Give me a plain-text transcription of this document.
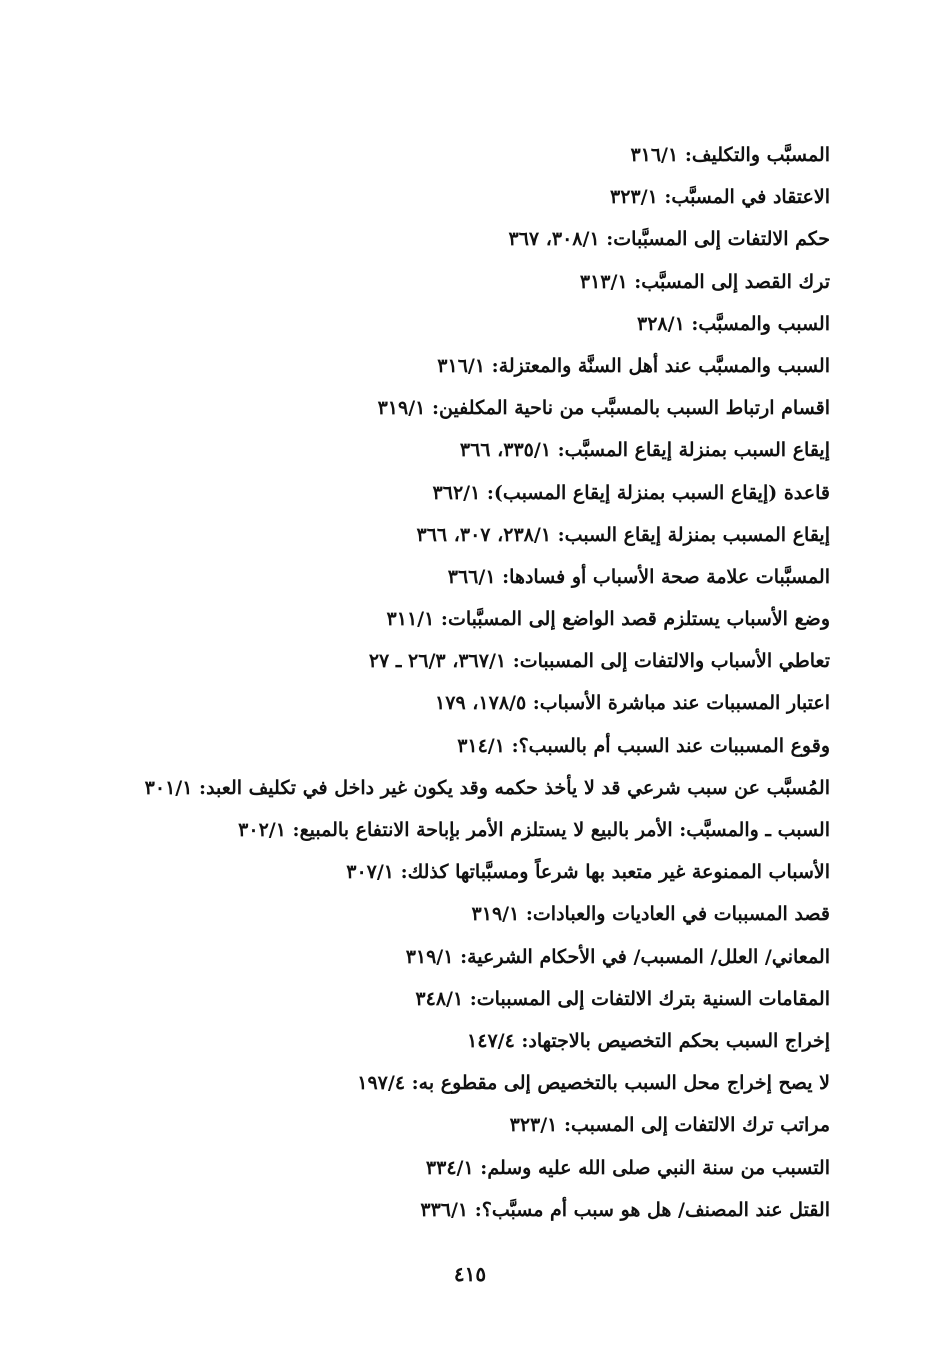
المسبَّب والتكليف: ٣١٦/١
الاعتقاد في المسبَّب: ٣٢٣/١
حكم الالتفات إلى المسبَّبات: ٣٠٨/١، ٣٦٧
ترك القصد إلى المسبَّب: ٣١٣/١
السبب والمسبَّب: ٣٢٨/١
السبب والمسبَّب عند أهل السنَّة والمعتزلة: ٣١٦/١
اقسام ارتباط السبب بالمسبَّب من ناحية المكلفين: ٣١٩/١
إيقاع السبب بمنزلة إيقاع المسبَّب: ٣٣٥/١، ٣٦٦
قاعدة (إيقاع السبب بمنزلة إيقاع المسبب): ٣٦٢/١
إيقاع المسبب بمنزلة إيقاع السبب: ٢٣٨/١، ٣٠٧، ٣٦٦
المسبَّبات علامة صحة الأسباب أو فسادها: ٣٦٦/١
وضع الأسباب يستلزم قصد الواضع إلى المسبَّبات: ٣١١/١
تعاطي الأسباب والالتفات إلى المسببات: ٣٦٧/١، ٢٦/٣ ـ ٢٧
اعتبار المسببات عند مباشرة الأسباب: ١٧٨/٥، ١٧٩
وقوع المسببات عند السبب أم بالسبب؟: ٣١٤/١
المُسبَّب عن سبب شرعي قد لا يأخذ حكمه وقد يكون غير داخل في تكليف العبد: ٣٠١/١
السبب ـ والمسبَّب: الأمر بالبيع لا يستلزم الأمر بإباحة الانتفاع بالمبيع: ٣٠٢/١
الأسباب الممنوعة غير متعبد بها شرعاً ومسبَّباتها كذلك: ٣٠٧/١
قصد المسببات في العاديات والعبادات: ٣١٩/١
المعاني/ العلل/ المسبب/ في الأحكام الشرعية: ٣١٩/١
المقامات السنية بترك الالتفات إلى المسببات: ٣٤٨/١
إخراج السبب بحكم التخصيص بالاجتهاد: ١٤٧/٤
لا يصح إخراج محل السبب بالتخصيص إلى مقطوع به: ١٩٧/٤
مراتب ترك الالتفات إلى المسبب: ٣٢٣/١
التسبب من سنة النبي صلى الله عليه وسلم: ٣٣٤/١
القتل عند المصنف/ هل هو سبب أم مسبَّب؟: ٣٣٦/١
٤١٥
